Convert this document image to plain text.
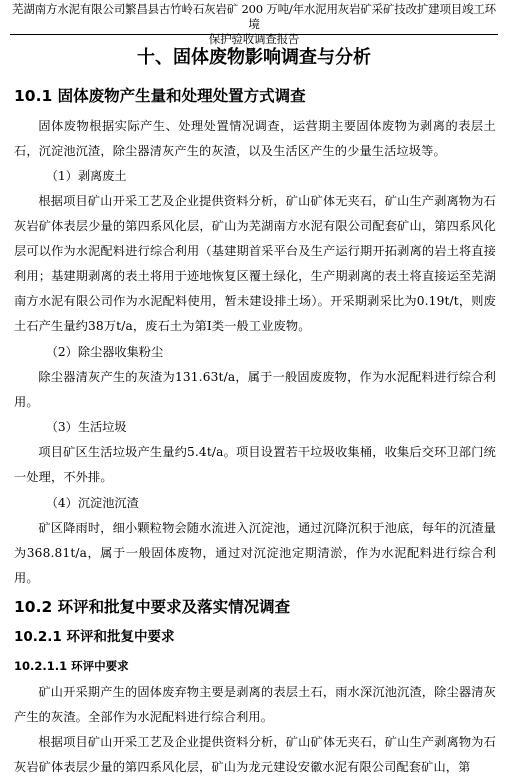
芜湖南方水泥有限公司繁昌县古竹岭石灰岩矿 200 万吨/年水泥用灰岩矿采矿技改扩建项目竣工环境
保护验收调查报告
十、固体废物影响调查与分析
10.1 固体废物产生量和处理处置方式调查
固体废物根据实际产生、处理处置情况调查，运营期主要固体废物为剥离的表层土石，沉淀池沉渣，除尘器清灰产生的灰渣，以及生活区产生的少量生活垃圾等。
（1）剥离废土
根据项目矿山开采工艺及企业提供资料分析，矿山矿体无夹石，矿山生产剥离物为石灰岩矿体表层少量的第四系风化层，矿山为芜湖南方水泥有限公司配套矿山，第四系风化层可以作为水泥配料进行综合利用（基建期首采平台及生产运行期开拓剥离的岩土将直接利用；基建期剥离的表土将用于迹地恢复区覆土绿化，生产期剥离的表土将直接运至芜湖南方水泥有限公司作为水泥配料使用，暂未建设排土场）。开采期剥采比为0.19t/t，则废土石产生量约38万t/a，废石土为第Ⅰ类一般工业废物。
（2）除尘器收集粉尘
除尘器清灰产生的灰渣为131.63t/a，属于一般固废废物，作为水泥配料进行综合利用。
（3）生活垃圾
项目矿区生活垃圾产生量约5.4t/a。项目设置若干垃圾收集桶，收集后交环卫部门统一处理，不外排。
（4）沉淀池沉渣
矿区降雨时，细小颗粒物会随水流进入沉淀池，通过沉降沉积于池底，每年的沉渣量为368.81t/a，属于一般固体废物，通过对沉淀池定期清淤，作为水泥配料进行综合利用。
10.2 环评和批复中要求及落实情况调查
10.2.1 环评和批复中要求
10.2.1.1 环评中要求
矿山开采期产生的固体废弃物主要是剥离的表层土石，雨水深沉池沉渣，除尘器清灰产生的灰渣。全部作为水泥配料进行综合利用。
根据项目矿山开采工艺及企业提供资料分析，矿山矿体无夹石，矿山生产剥离物为石灰岩矿体表层少量的第四系风化层，矿山为龙元建设安徽水泥有限公司配套矿山，第
